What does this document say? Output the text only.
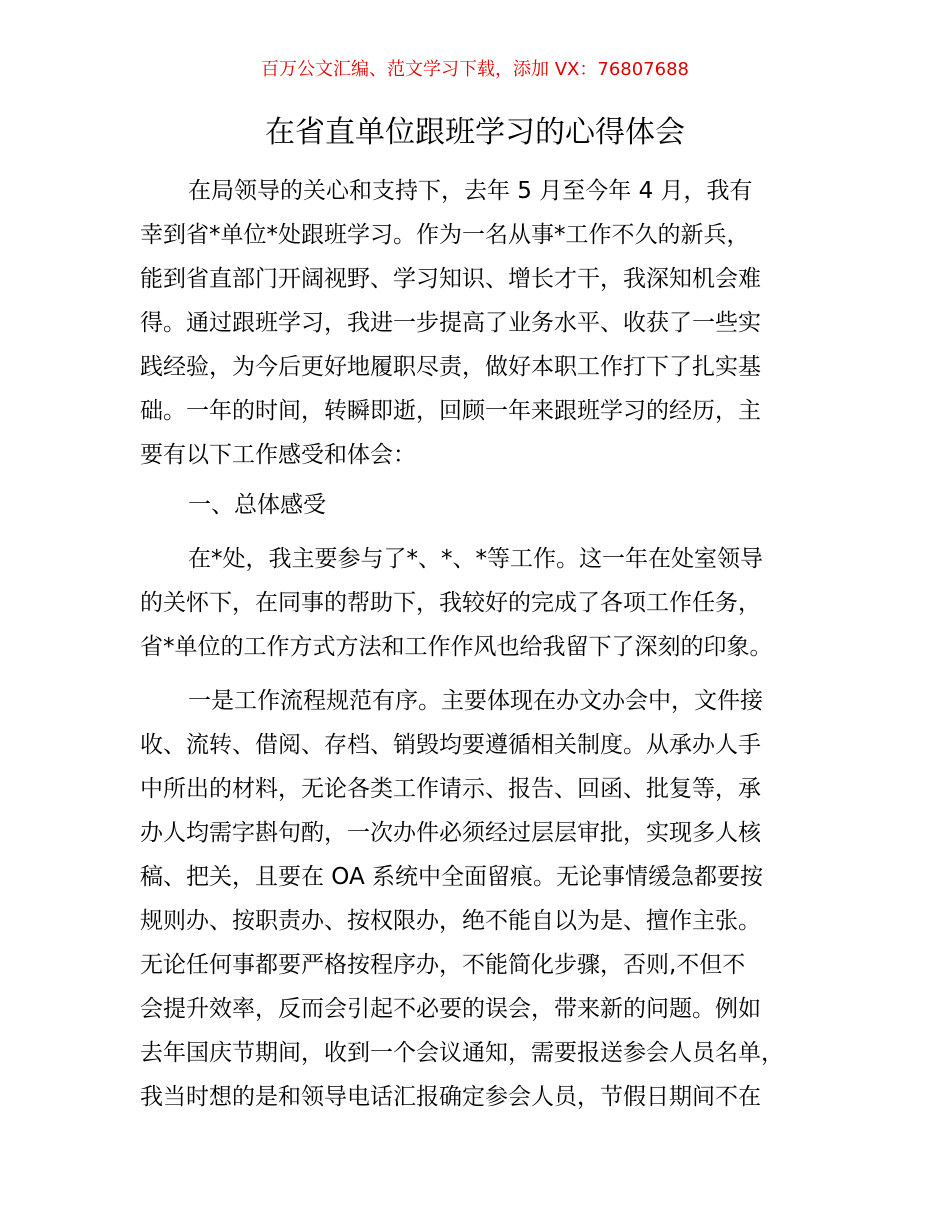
百万公文汇编、范文学习下载，添加 VX：76807688
在省直单位跟班学习的心得体会
在局领导的关心和支持下，去年 5 月至今年 4 月，我有
幸到省*单位*处跟班学习。作为一名从事*工作不久的新兵，
能到省直部门开阔视野、学习知识、增长才干，我深知机会难
得。通过跟班学习，我进一步提高了业务水平、收获了一些实
践经验，为今后更好地履职尽责，做好本职工作打下了扎实基
础。一年的时间，转瞬即逝，回顾一年来跟班学习的经历，主
要有以下工作感受和体会：
一、总体感受
在*处，我主要参与了*、*、*等工作。这一年在处室领导
的关怀下，在同事的帮助下，我较好的完成了各项工作任务，
省*单位的工作方式方法和工作作风也给我留下了深刻的印象。
一是工作流程规范有序。主要体现在办文办会中，文件接
收、流转、借阅、存档、销毁均要遵循相关制度。从承办人手
中所出的材料，无论各类工作请示、报告、回函、批复等，承
办人均需字斟句酌，一次办件必须经过层层审批，实现多人核
稿、把关，且要在 OA 系统中全面留痕。无论事情缓急都要按
规则办、按职责办、按权限办，绝不能自以为是、擅作主张。
无论任何事都要严格按程序办，不能简化步骤，否则,不但不
会提升效率，反而会引起不必要的误会，带来新的问题。例如
去年国庆节期间，收到一个会议通知，需要报送参会人员名单，
我当时想的是和领导电话汇报确定参会人员，节假日期间不在
